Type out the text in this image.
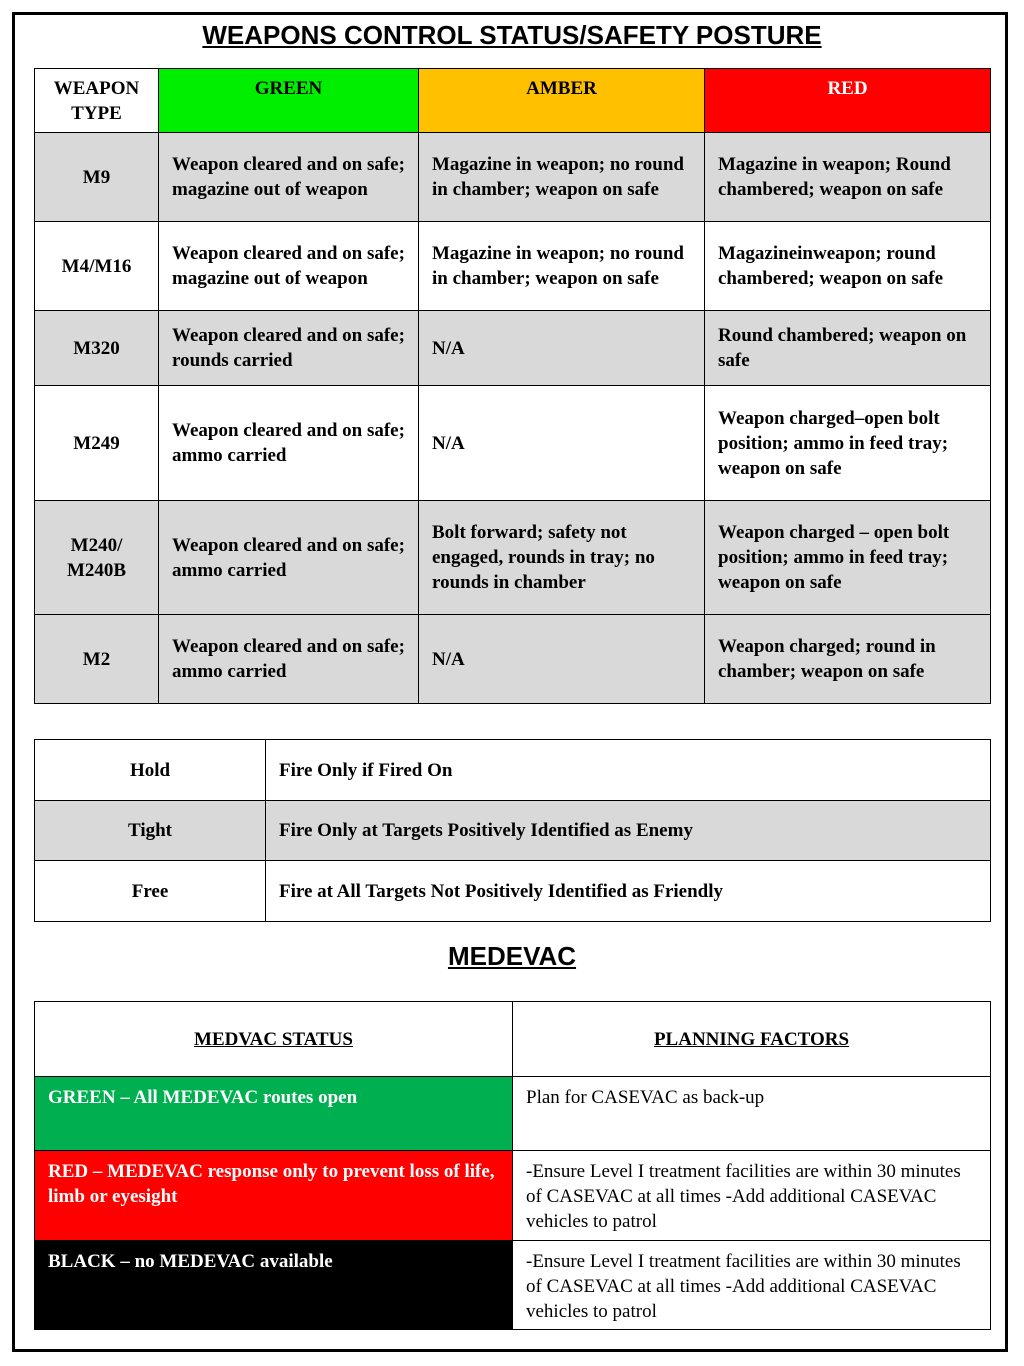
WEAPONS CONTROL STATUS/SAFETY POSTURE
WEAPON TYPE	GREEN	AMBER	RED
M9	Weapon cleared and on safe; magazine out of weapon	Magazine in weapon; no round in chamber; weapon on safe	Magazine in weapon; Round chambered; weapon on safe
M4/M16	Weapon cleared and on safe; magazine out of weapon	Magazine in weapon; no round in chamber; weapon on safe	Magazineinweapon; round chambered; weapon on safe
M320	Weapon cleared and on safe; rounds carried	N/A	Round chambered; weapon on safe
M249	Weapon cleared and on safe; ammo carried	N/A	Weapon charged–open bolt position; ammo in feed tray; weapon on safe
M240/ M240B	Weapon cleared and on safe; ammo carried	Bolt forward; safety not engaged, rounds in tray; no rounds in chamber	Weapon charged – open bolt position; ammo in feed tray; weapon on safe
M2	Weapon cleared and on safe; ammo carried	N/A	Weapon charged; round in chamber; weapon on safe
Hold	Fire Only if Fired On
Tight	Fire Only at Targets Positively Identified as Enemy
Free	Fire at All Targets Not Positively Identified as Friendly
MEDEVAC
MEDVAC STATUS	PLANNING FACTORS
GREEN – All MEDEVAC routes open	Plan for CASEVAC as back-up
RED – MEDEVAC response only to prevent loss of life, limb or eyesight	-Ensure Level I treatment facilities are within 30 minutes of CASEVAC at all times -Add additional CASEVAC vehicles to patrol
BLACK – no MEDEVAC available	-Ensure Level I treatment facilities are within 30 minutes of CASEVAC at all times -Add additional CASEVAC vehicles to patrol
